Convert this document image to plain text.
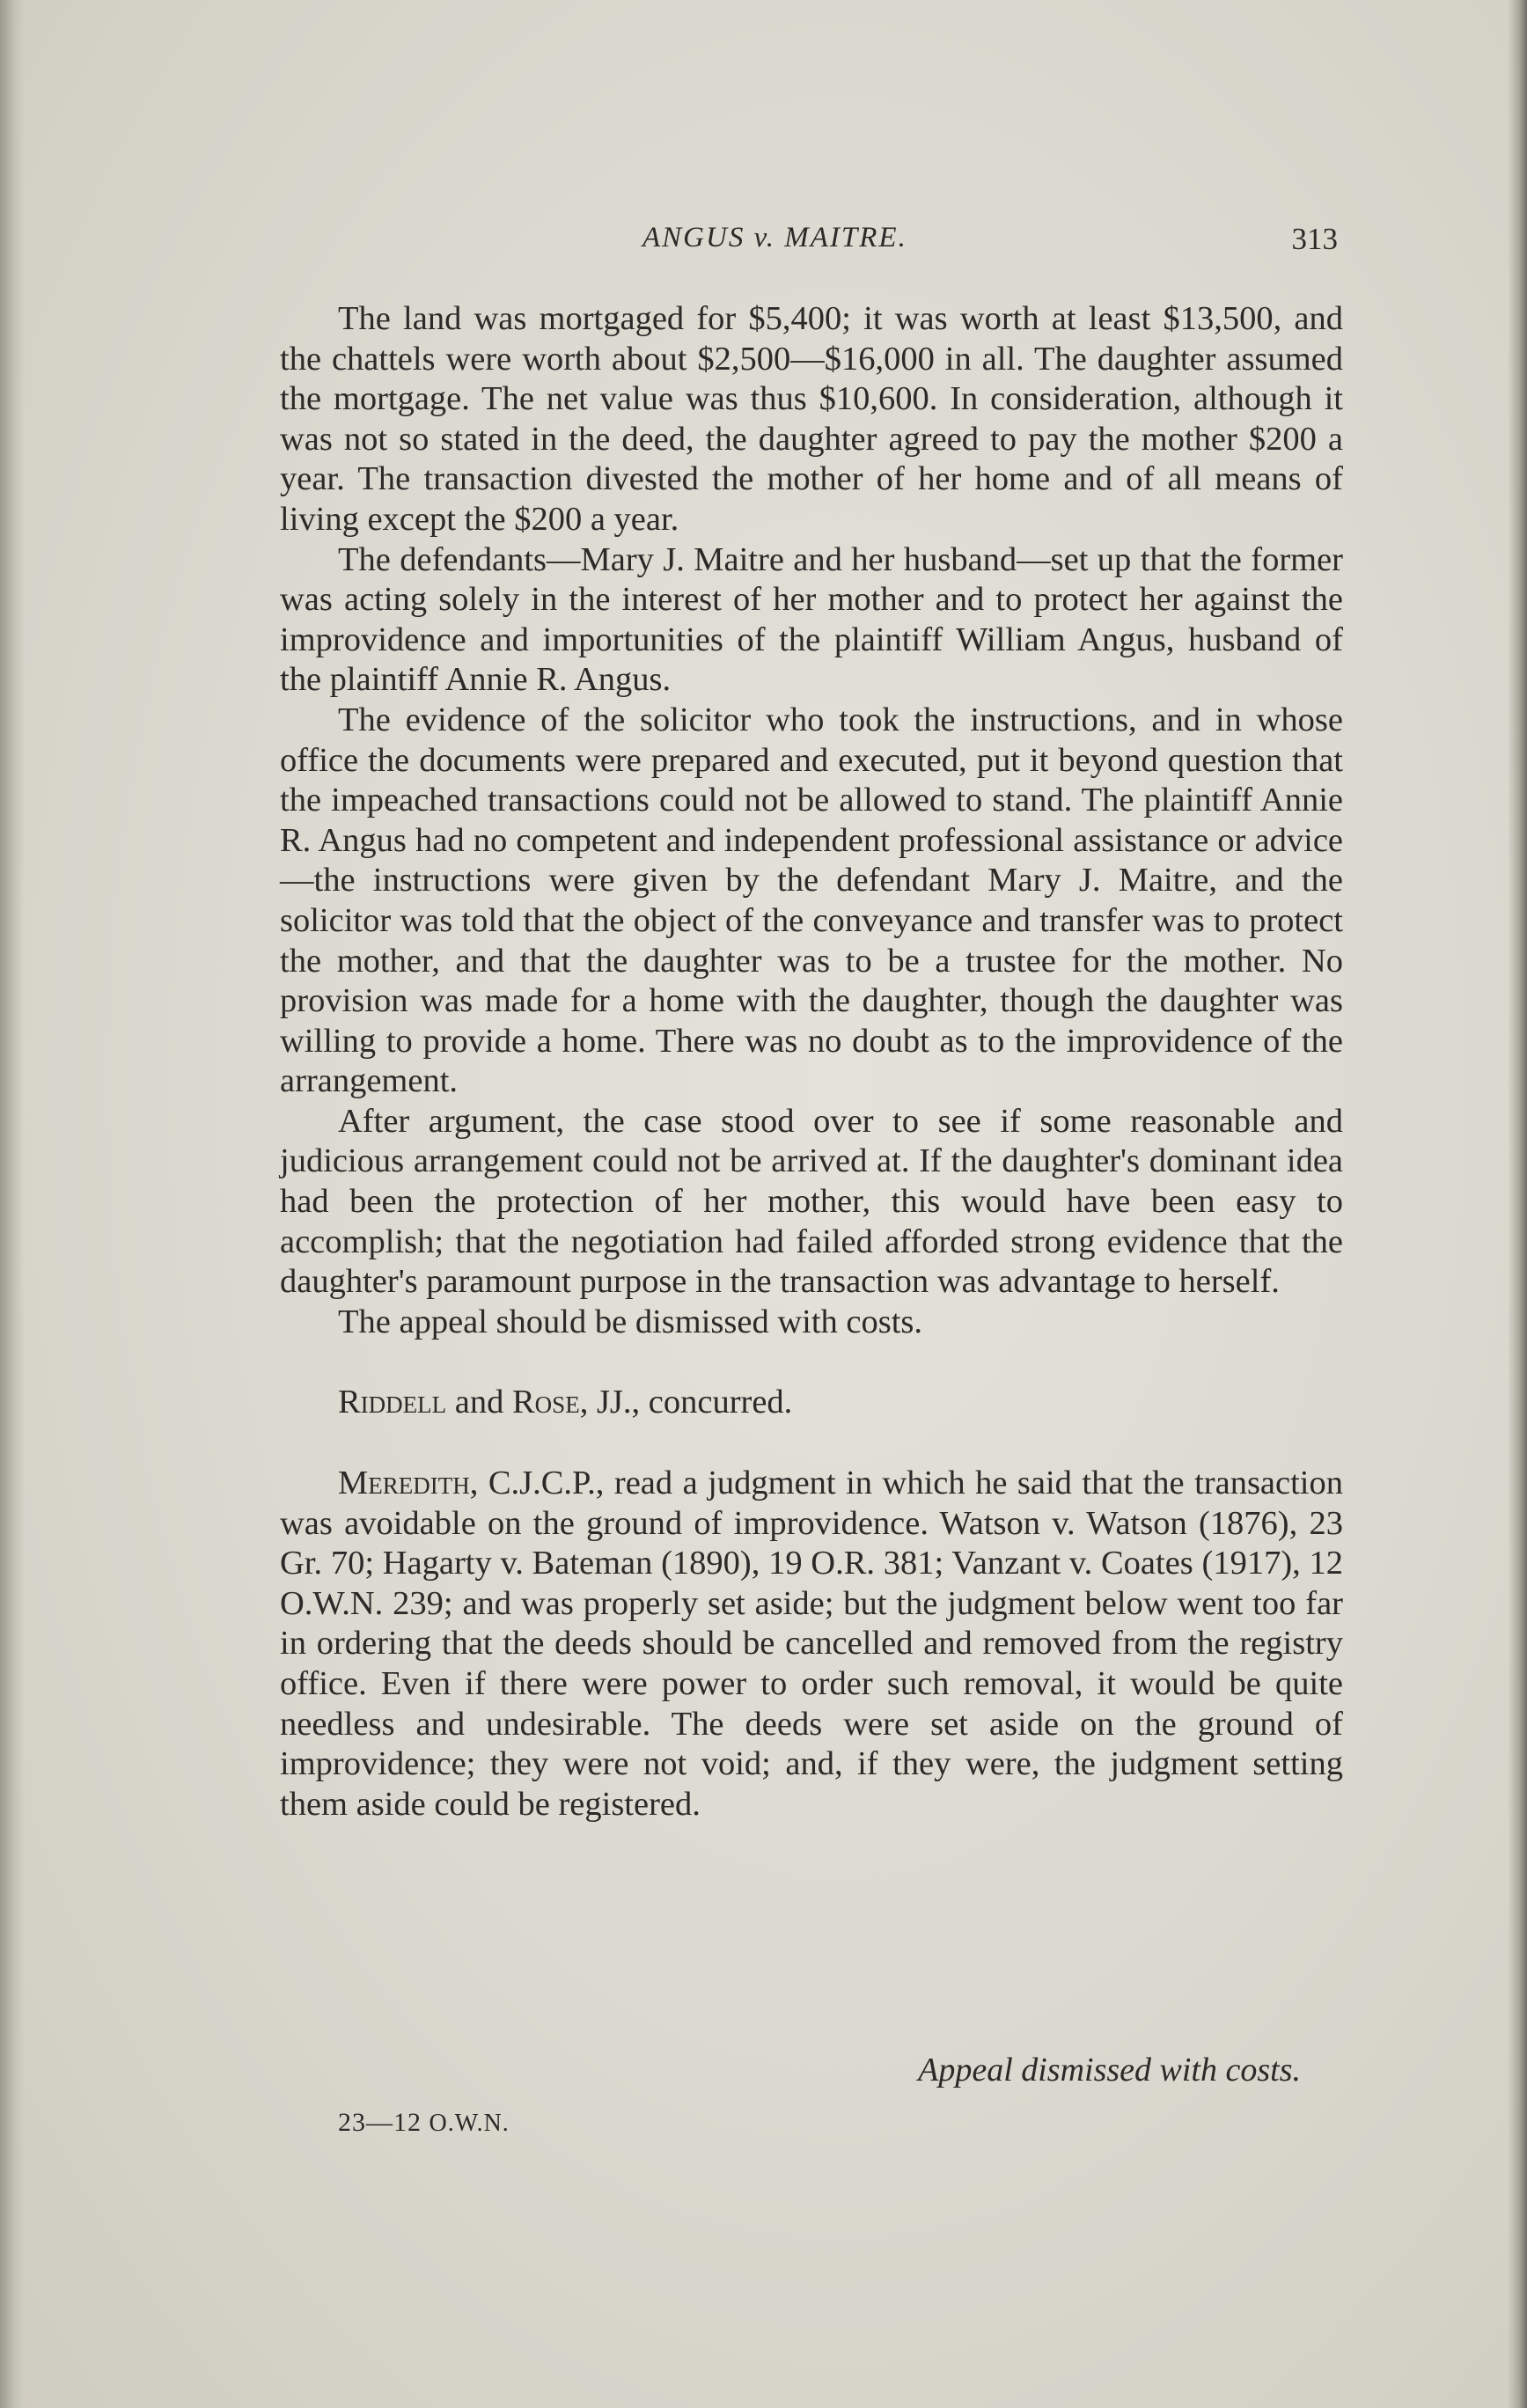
ANGUS v. MAITRE.	313

The land was mortgaged for $5,400; it was worth at least $13,500, and the chattels were worth about $2,500—$16,000 in all. The daughter assumed the mortgage. The net value was thus $10,600. In consideration, although it was not so stated in the deed, the daughter agreed to pay the mother $200 a year. The transaction divested the mother of her home and of all means of living except the $200 a year.

The defendants—Mary J. Maitre and her husband—set up that the former was acting solely in the interest of her mother and to protect her against the improvidence and importunities of the plaintiff William Angus, husband of the plaintiff Annie R. Angus.

The evidence of the solicitor who took the instructions, and in whose office the documents were prepared and executed, put it beyond question that the impeached transactions could not be allowed to stand. The plaintiff Annie R. Angus had no competent and independent professional assistance or advice—the instructions were given by the defendant Mary J. Maitre, and the solicitor was told that the object of the conveyance and transfer was to protect the mother, and that the daughter was to be a trustee for the mother. No provision was made for a home with the daughter, though the daughter was willing to provide a home. There was no doubt as to the improvidence of the arrangement.

After argument, the case stood over to see if some reasonable and judicious arrangement could not be arrived at. If the daughter's dominant idea had been the protection of her mother, this would have been easy to accomplish; that the negotiation had failed afforded strong evidence that the daughter's paramount purpose in the transaction was advantage to herself.

The appeal should be dismissed with costs.

Riddell and Rose, JJ., concurred.

Meredith, C.J.C.P., read a judgment in which he said that the transaction was avoidable on the ground of improvidence. Watson v. Watson (1876), 23 Gr. 70; Hagarty v. Bateman (1890), 19 O.R. 381; Vanzant v. Coates (1917), 12 O.W.N. 239; and was properly set aside; but the judgment below went too far in ordering that the deeds should be cancelled and removed from the registry office. Even if there were power to order such removal, it would be quite needless and undesirable. The deeds were set aside on the ground of improvidence; they were not void; and, if they were, the judgment setting them aside could be registered.

Appeal dismissed with costs.
23—12 O.W.N.
